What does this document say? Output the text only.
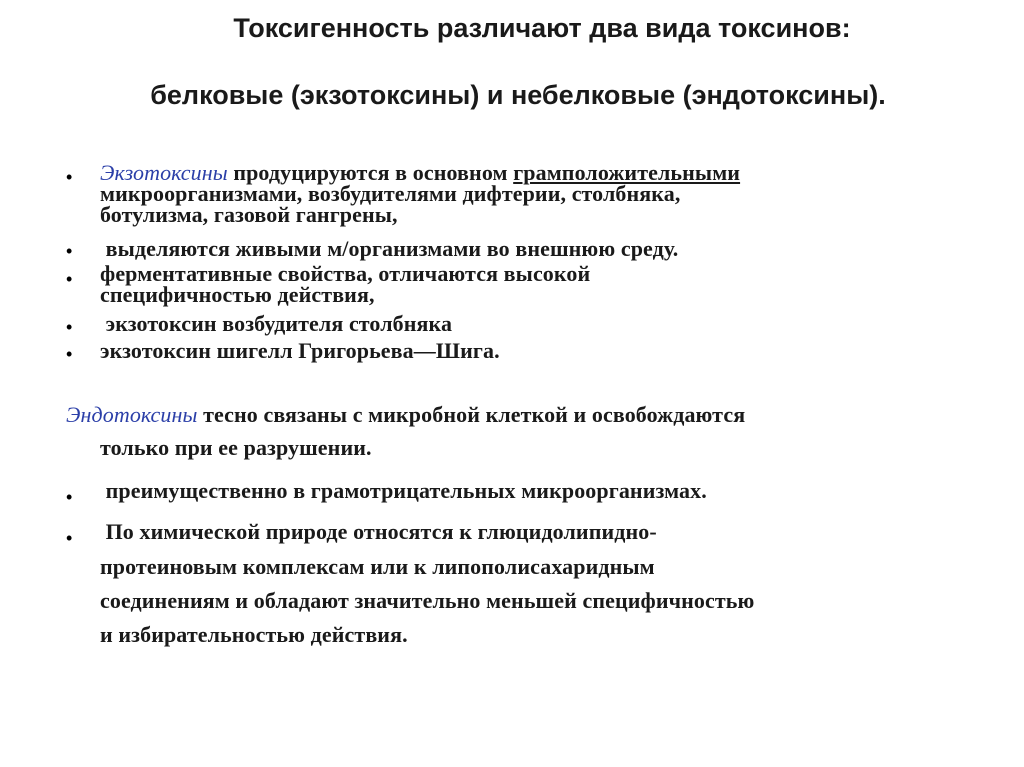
Токсигенность различают два вида токсинов:
белковые (экзотоксины) и небелковые (эндотоксины).
• Экзотоксины продуцируются в основном грамположительными
микроорганизмами, возбудителями дифтерии, столбняка,
ботулизма, газовой гангрены,
• выделяются живыми м/организмами во внешнюю среду.
• ферментативные свойства, отличаются высокой
специфичностью действия,
• экзотоксин возбудителя столбняка
• экзотоксин шигелл Григорьева—Шига.
Эндотоксины тесно связаны с микробной клеткой и освобождаются
только при ее разрушении.
• преимущественно в грамотрицательных микроорганизмах.
• По химической природе относятся к глюцидолипидно-
протеиновым комплексам или к липополисахаридным
соединениям и обладают значительно меньшей специфичностью
и избирательностью действия.
